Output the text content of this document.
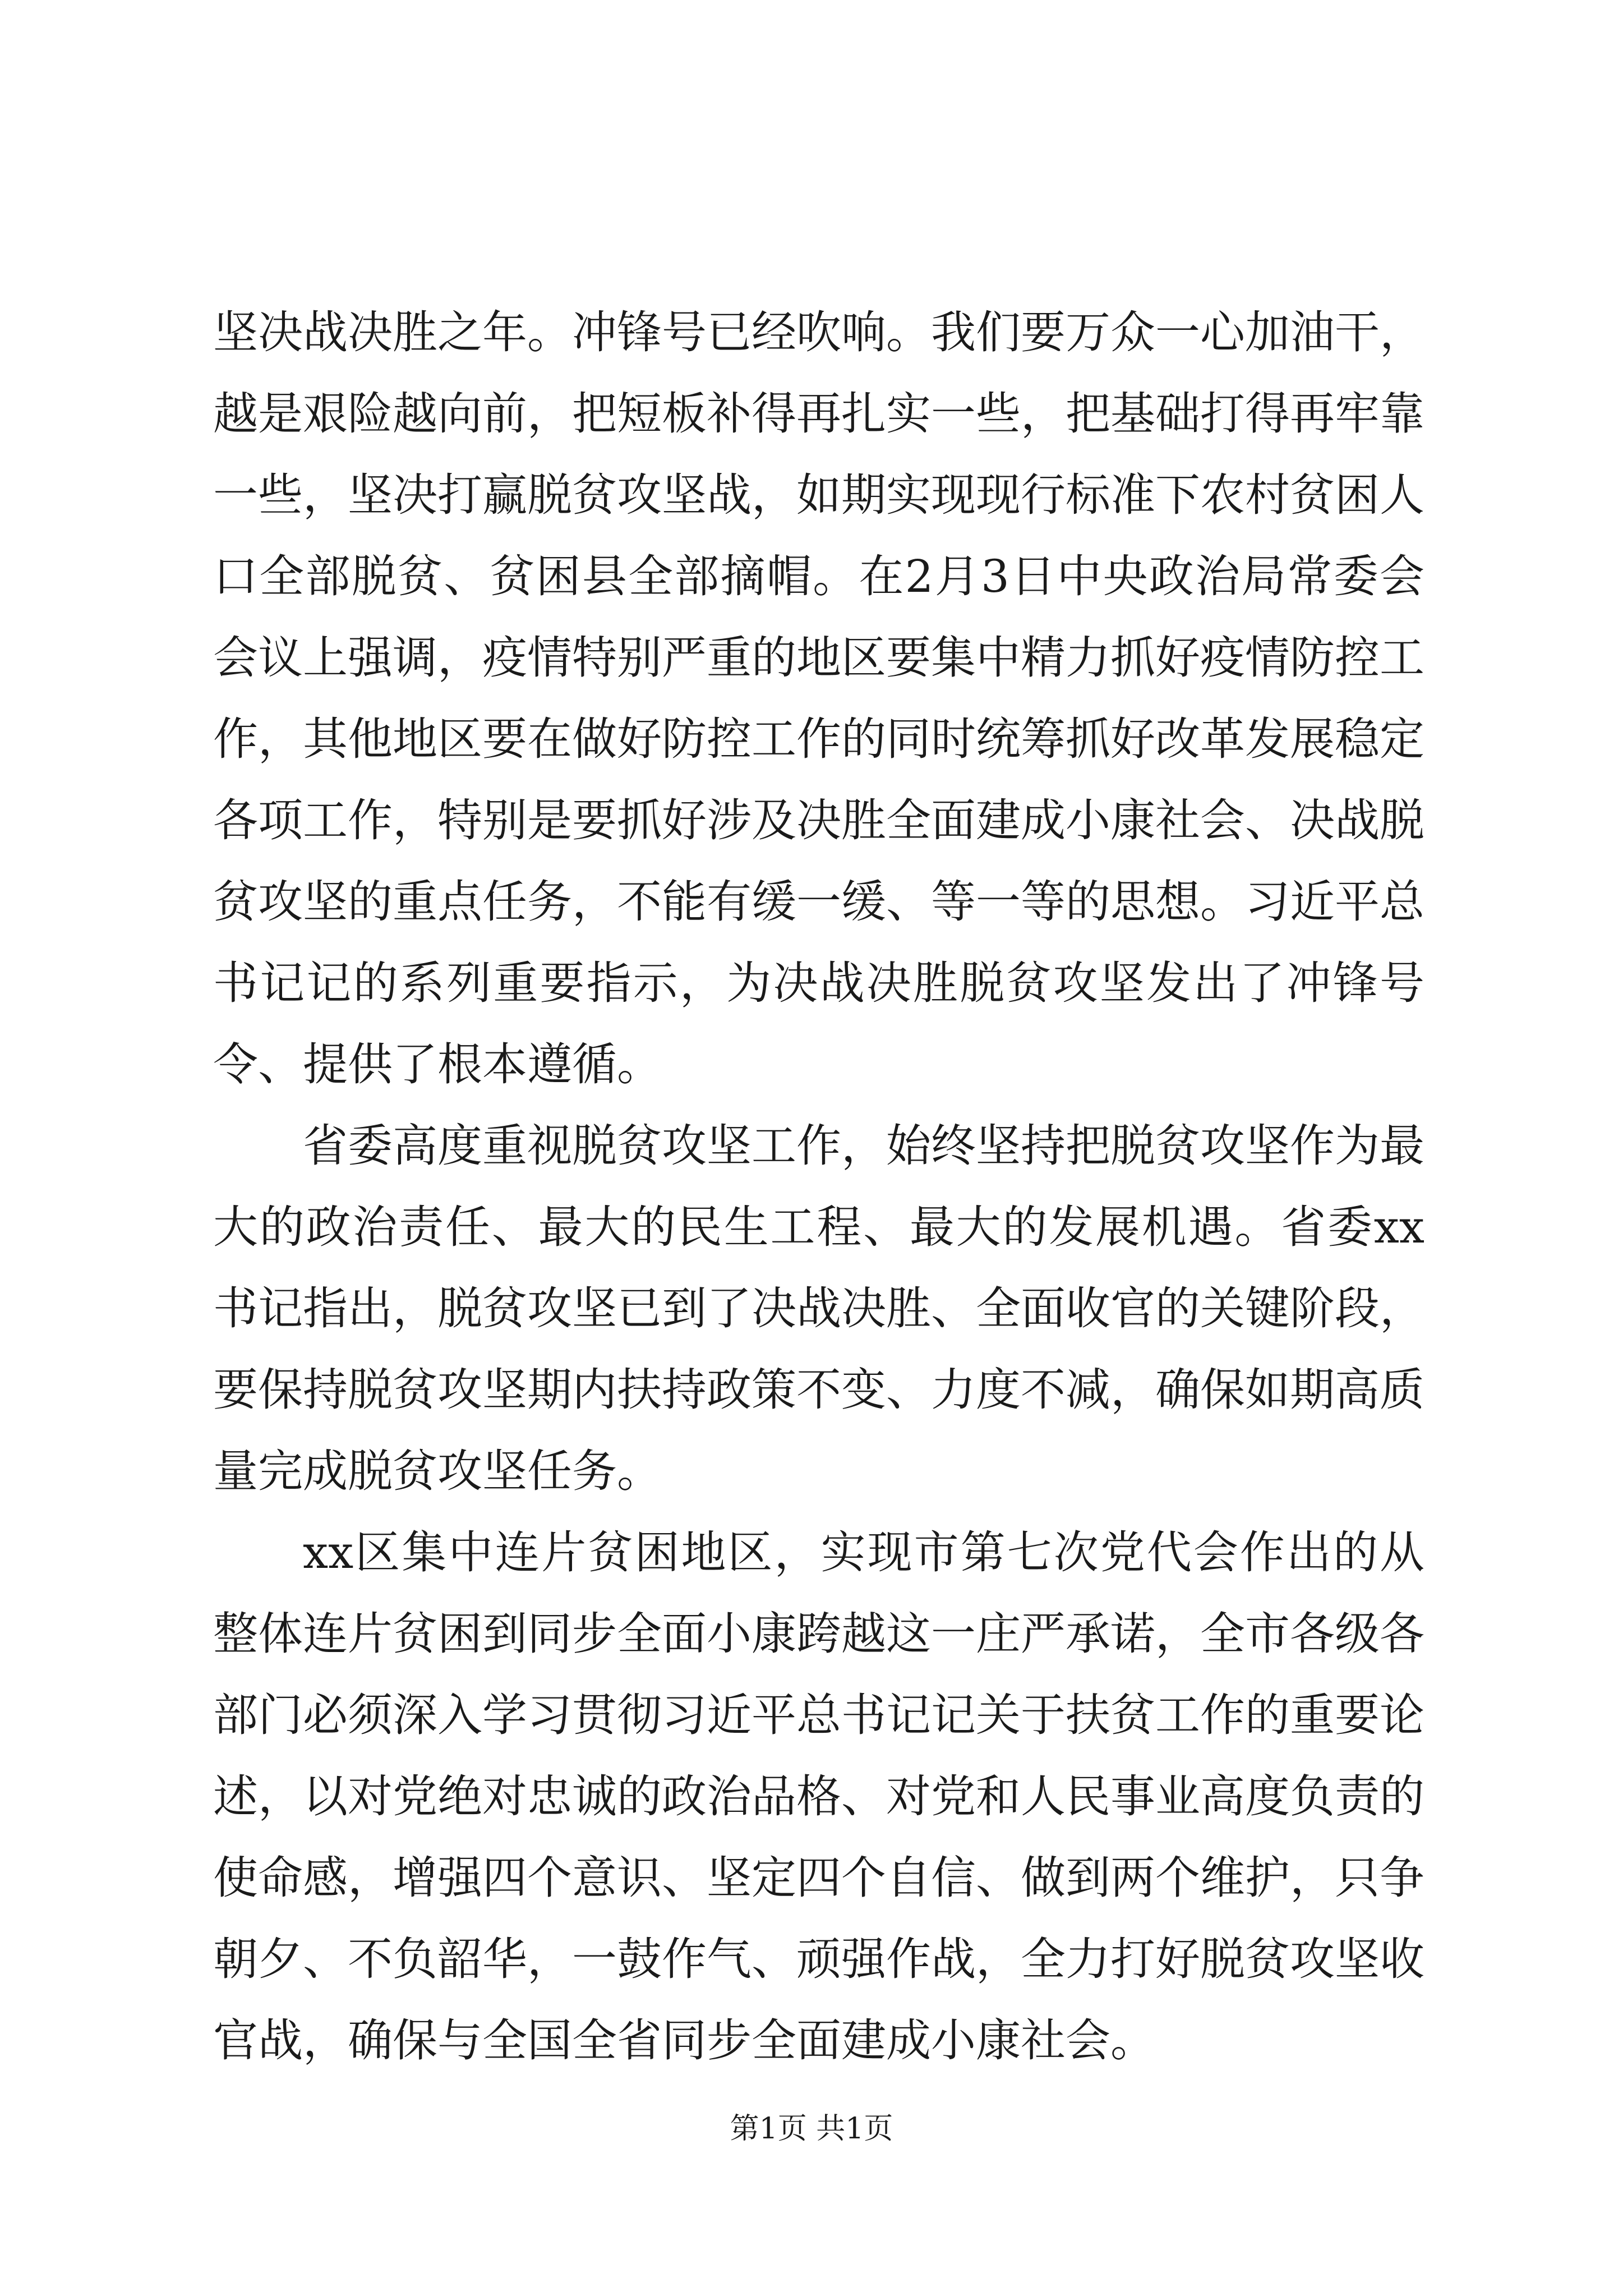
坚决战决胜之年。冲锋号已经吹响。我们要万众一心加油干，越是艰险越向前，把短板补得再扎实一些，把基础打得再牢靠一些，坚决打赢脱贫攻坚战，如期实现现行标准下农村贫困人口全部脱贫、贫困县全部摘帽。在2月3日中央政治局常委会会议上强调，疫情特别严重的地区要集中精力抓好疫情防控工作，其他地区要在做好防控工作的同时统筹抓好改革发展稳定各项工作，特别是要抓好涉及决胜全面建成小康社会、决战脱贫攻坚的重点任务，不能有缓一缓、等一等的思想。习近平总书记记的系列重要指示，为决战决胜脱贫攻坚发出了冲锋号令、提供了根本遵循。

省委高度重视脱贫攻坚工作，始终坚持把脱贫攻坚作为最大的政治责任、最大的民生工程、最大的发展机遇。省委xx书记指出，脱贫攻坚已到了决战决胜、全面收官的关键阶段，要保持脱贫攻坚期内扶持政策不变、力度不减，确保如期高质量完成脱贫攻坚任务。

xx区集中连片贫困地区，实现市第七次党代会作出的从整体连片贫困到同步全面小康跨越这一庄严承诺，全市各级各部门必须深入学习贯彻习近平总书记记关于扶贫工作的重要论述，以对党绝对忠诚的政治品格、对党和人民事业高度负责的使命感，增强四个意识、坚定四个自信、做到两个维护，只争朝夕、不负韶华，一鼓作气、顽强作战，全力打好脱贫攻坚收官战，确保与全国全省同步全面建成小康社会。

第1页 共1页
